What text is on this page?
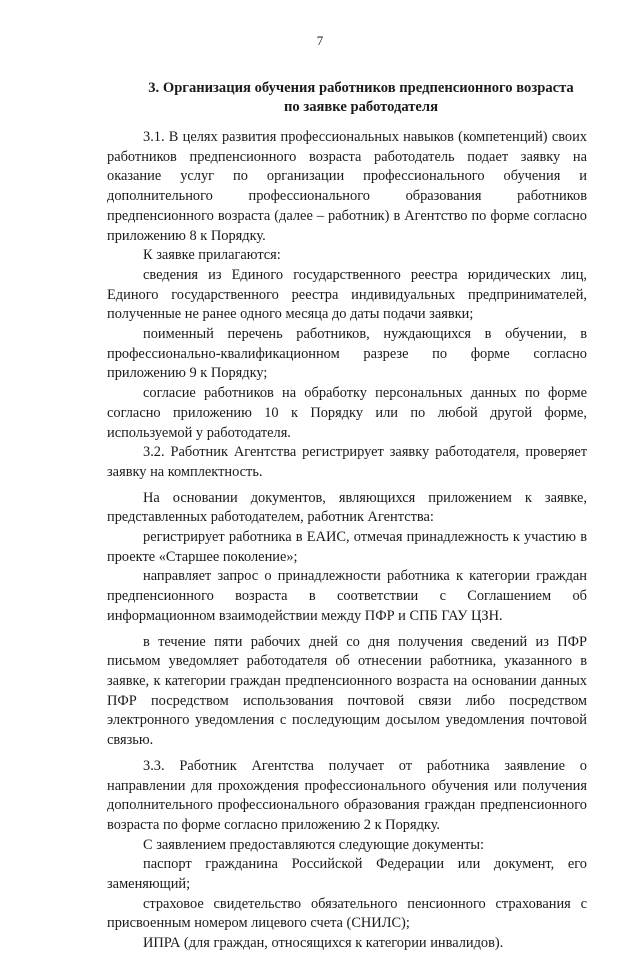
7
3. Организация обучения работников предпенсионного возраста
по заявке работодателя

3.1. В целях развития профессиональных навыков (компетенций) своих работников предпенсионного возраста работодатель подает заявку на оказание услуг по организации профессионального обучения и дополнительного профессионального образования работников предпенсионного возраста (далее – работник) в Агентство по форме согласно приложению 8 к Порядку.

К заявке прилагаются:

сведения из Единого государственного реестра юридических лиц, Единого государственного реестра индивидуальных предпринимателей, полученные не ранее одного месяца до даты подачи заявки;

поименный перечень работников, нуждающихся в обучении, в профессионально-квалификационном разрезе по форме согласно приложению 9 к Порядку;

согласие работников на обработку персональных данных по форме согласно приложению 10 к Порядку или по любой другой форме, используемой у работодателя.

3.2. Работник Агентства регистрирует заявку работодателя, проверяет заявку на комплектность.

На основании документов, являющихся приложением к заявке, представленных работодателем, работник Агентства:

регистрирует работника в ЕАИС, отмечая принадлежность к участию в проекте «Старшее поколение»;

направляет запрос о принадлежности работника к категории граждан предпенсионного возраста в соответствии с Соглашением об информационном взаимодействии между ПФР и СПБ ГАУ ЦЗН.

в течение пяти рабочих дней со дня получения сведений из ПФР письмом уведомляет работодателя об отнесении работника, указанного в заявке, к категории граждан предпенсионного возраста на основании данных ПФР посредством использования почтовой связи либо посредством электронного уведомления с последующим досылом уведомления почтовой связью.

3.3. Работник Агентства получает от работника заявление о направлении для прохождения профессионального обучения или получения дополнительного профессионального образования граждан предпенсионного возраста по форме согласно приложению 2 к Порядку.

С заявлением предоставляются следующие документы:

паспорт гражданина Российской Федерации или документ, его заменяющий;

страховое свидетельство обязательного пенсионного страхования с присвоенным номером лицевого счета (СНИЛС);

ИПРА (для граждан, относящихся к категории инвалидов).
